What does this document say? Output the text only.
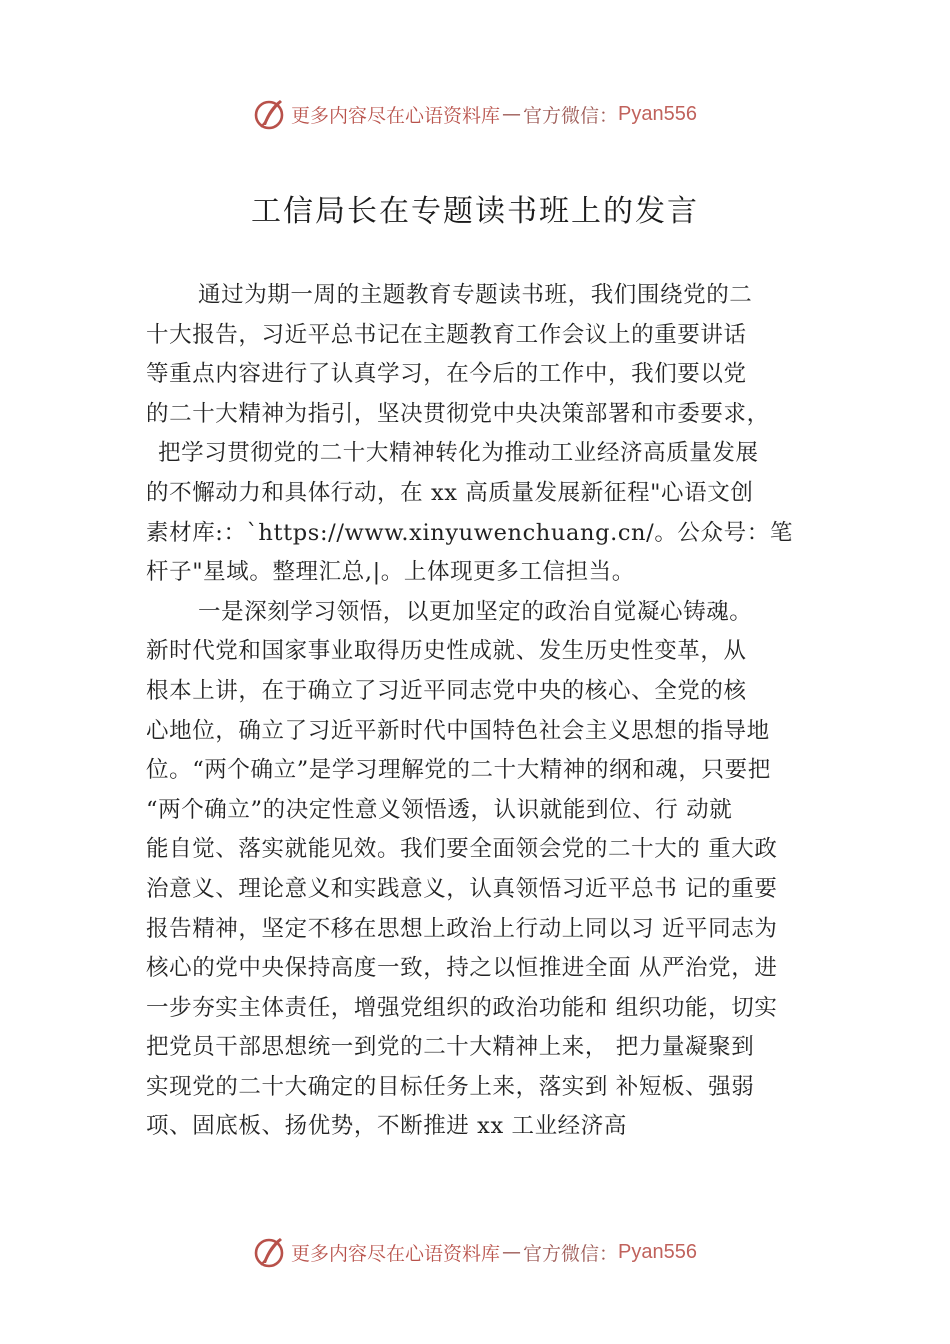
更多内容尽在心语资料库 — 官方微信： Pyan556
工信局长在专题读书班上的发言
通过为期一周的主题教育专题读书班，我们围绕党的二
十大报告，习近平总书记在主题教育工作会议上的重要讲话
等重点内容进行了认真学习，在今后的工作中，我们要以党
的二十大精神为指引，坚决贯彻党中央决策部署和市委要求，
把学习贯彻党的二十大精神转化为推动工业经济高质量发展
的不懈动力和具体行动，在 xx 高质量发展新征程"心语文创
素材库:：`https://www.xinyuwenchuang.cn/。公众号：笔
杆子"星域。整理汇总,|。上体现更多工信担当。
一是深刻学习领悟，以更加坚定的政治自觉凝心铸魂。
新时代党和国家事业取得历史性成就、发生历史性变革，从
根本上讲，在于确立了习近平同志党中央的核心、全党的核
心地位，确立了习近平新时代中国特色社会主义思想的指导地
位。“两个确立”是学习理解党的二十大精神的纲和魂，只要把
“两个确立”的决定性意义领悟透，认识就能到位、行 动就
能自觉、落实就能见效。我们要全面领会党的二十大的 重大政
治意义、理论意义和实践意义，认真领悟习近平总书 记的重要
报告精神，坚定不移在思想上政治上行动上同以习 近平同志为
核心的党中央保持高度一致，持之以恒推进全面 从严治党，进
一步夯实主体责任，增强党组织的政治功能和 组织功能，切实
把党员干部思想统一到党的二十大精神上来， 把力量凝聚到
实现党的二十大确定的目标任务上来，落实到 补短板、强弱
项、固底板、扬优势，不断推进 xx 工业经济高
更多内容尽在心语资料库 — 官方微信： Pyan556
